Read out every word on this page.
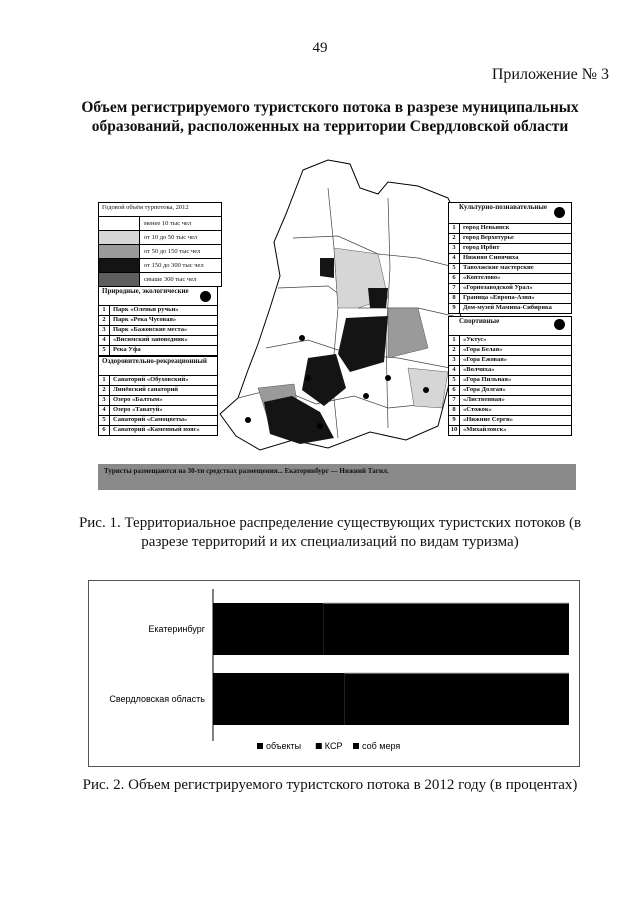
49
Приложение № 3
Объем регистрируемого туристского потока в разрезе муниципальных образований, расположенных на территории Свердловской области
Годовой объём турпотока, 2012
менее 10 тыс чел
от 10 до 50 тыс чел
от 50 до 150 тыс чел
от 150 до 300 тыс чел
свыше 300 тыс чел
Природные, экологические
1	Парк «Оленьи ручьи»
2	Парк «Река Чусовая»
3	Парк «Бажовские места»
4	«Висимский заповедник»
5	Река Уфа
Оздоровительно-рекреационный
1	Санаторий «Обуховский»
2	Линёвский санаторий
3	Озеро «Балтым»
4	Озеро «Таватуй»
5	Санаторий «Самоцветы»
6	Санаторий «Каменный пояс»
Культурно-познавательные
1	город Невьянск
2	город Верхотурье
3	город Ирбит
4	Нижняя Синячиха
5	Таволжские мастерские
6	«Коптелово»
7	«Горнозаводской Урал»
8	Граница «Европа-Азия»
9	Дом-музей Мамина-Сибиряка
Спортивные
1	«Уктус»
2	«Гора Белая»
3	«Гора Ежовая»
4	«Волчиха»
5	«Гора Пильная»
6	«Гора Долгая»
7	«Лиственная»
8	«Стожок»
9	«Нижние Серги»
10 «Михайловск»
Туристы размещаются на 30-ти средствах размещения... Екатеринбург — Нижний Тагил.
Рис. 1. Территориальное распределение существующих туристских потоков (в разрезе территорий и их специализаций по видам туризма)
Екатеринбург
Свердловская область
объекты	КСР соб меря
Рис. 2. Объем регистрируемого туристского потока в 2012 году (в процентах)
